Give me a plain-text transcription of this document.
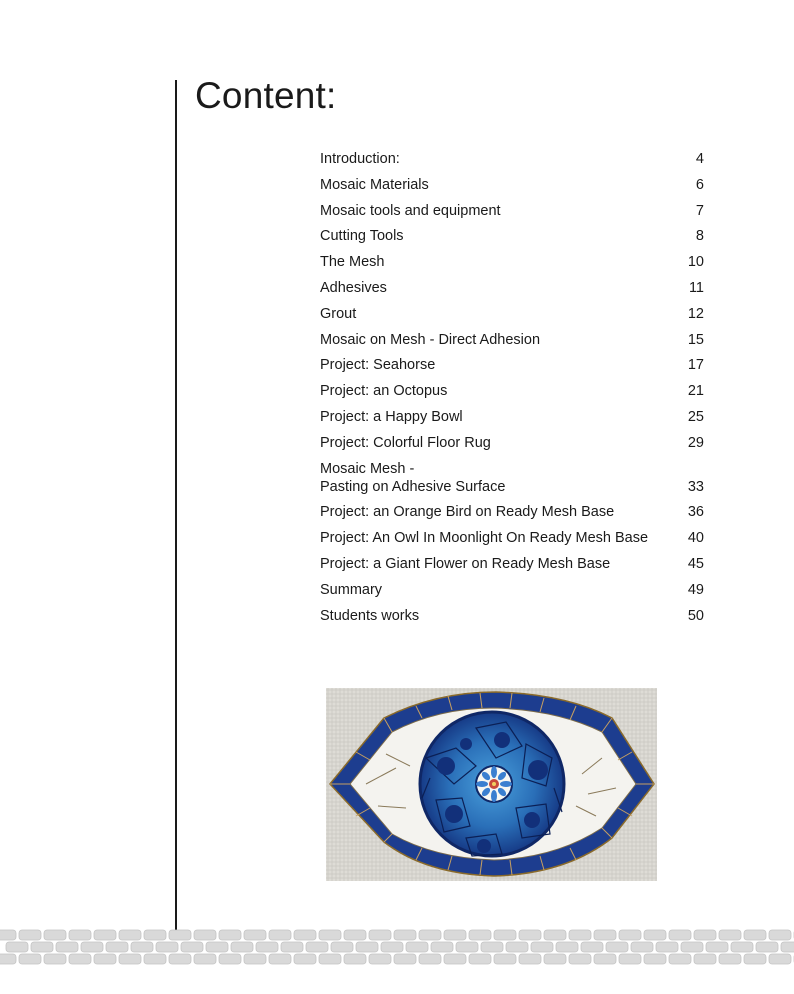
Content:
Introduction:	4
Mosaic Materials	6
Mosaic tools and equipment	7
Cutting Tools	8
The Mesh	10
Adhesives	11
Grout	12
Mosaic on Mesh - Direct Adhesion	15
Project: Seahorse	17
Project: an Octopus	21
Project: a Happy Bowl	25
Project: Colorful Floor Rug	29
Mosaic Mesh -
Pasting on Adhesive Surface	33
Project: an Orange Bird on Ready Mesh Base	36
Project: An Owl In Moonlight On Ready Mesh Base	40
Project: a Giant Flower on Ready Mesh Base	45
Summary	49
Students works	50
